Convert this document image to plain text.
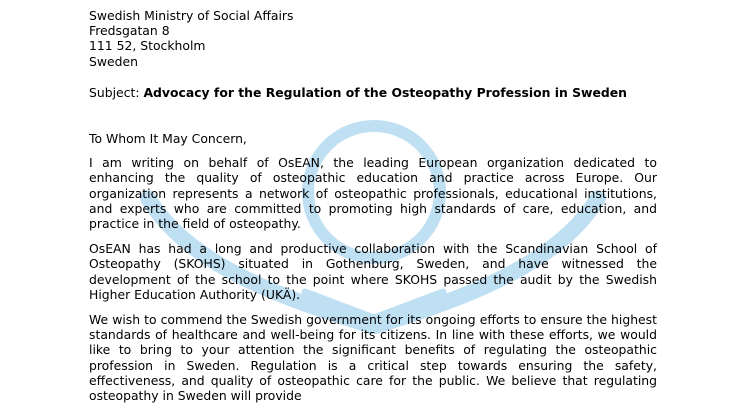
Swedish Ministry of Social Affairs
Fredsgatan 8
111 52, Stockholm
Sweden
Subject: Advocacy for the Regulation of the Osteopathy Profession in Sweden
To Whom It May Concern,
I am writing on behalf of OsEAN, the leading European organization dedicated to enhancing the quality of osteopathic education and practice across Europe. Our organization represents a network of osteopathic professionals, educational institutions, and experts who are committed to promoting high standards of care, education, and practice in the field of osteopathy.
OsEAN has had a long and productive collaboration with the Scandinavian School of Osteopathy (SKOHS) situated in Gothenburg, Sweden, and have witnessed the development of the school to the point where SKOHS passed the audit by the Swedish Higher Education Authority (UKÄ).
We wish to commend the Swedish government for its ongoing efforts to ensure the highest standards of healthcare and well-being for its citizens. In line with these efforts, we would like to bring to your attention the significant benefits of regulating the osteopathic profession in Sweden. Regulation is a critical step towards ensuring the safety, effectiveness, and quality of osteopathic care for the public. We believe that regulating osteopathy in Sweden will provide
